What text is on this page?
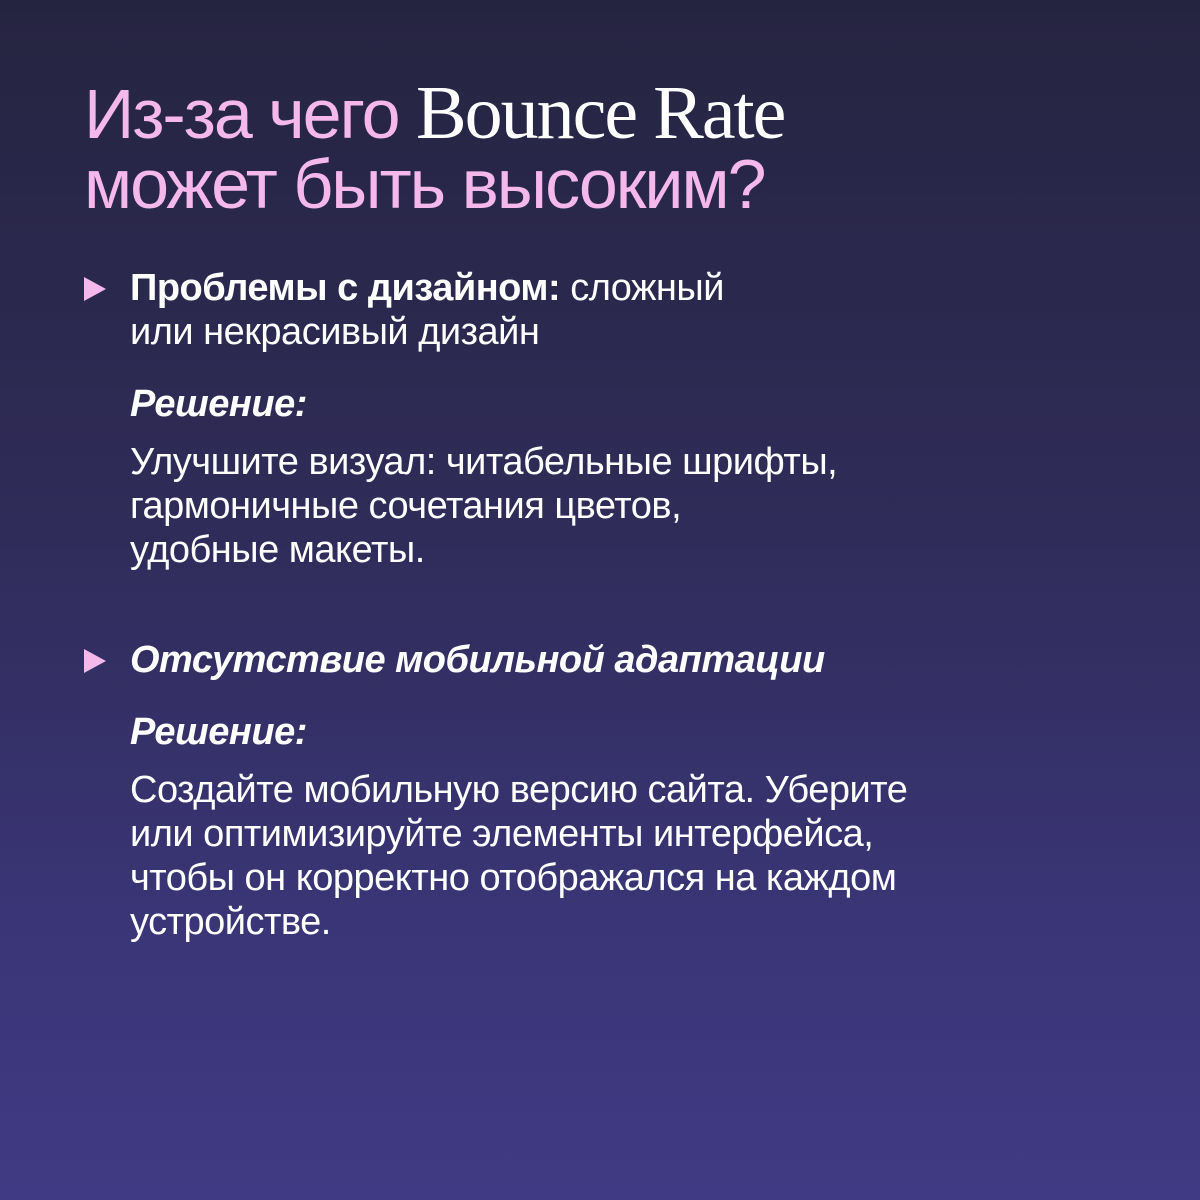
Из-за чего Bounce Rate
может быть высоким?
Проблемы с дизайном: сложный
или некрасивый дизайн
Решение:
Улучшите визуал: читабельные шрифты,
гармоничные сочетания цветов,
удобные макеты.
Отсутствие мобильной адаптации
Решение:
Создайте мобильную версию сайта. Уберите
или оптимизируйте элементы интерфейса,
чтобы он корректно отображался на каждом
устройстве.
